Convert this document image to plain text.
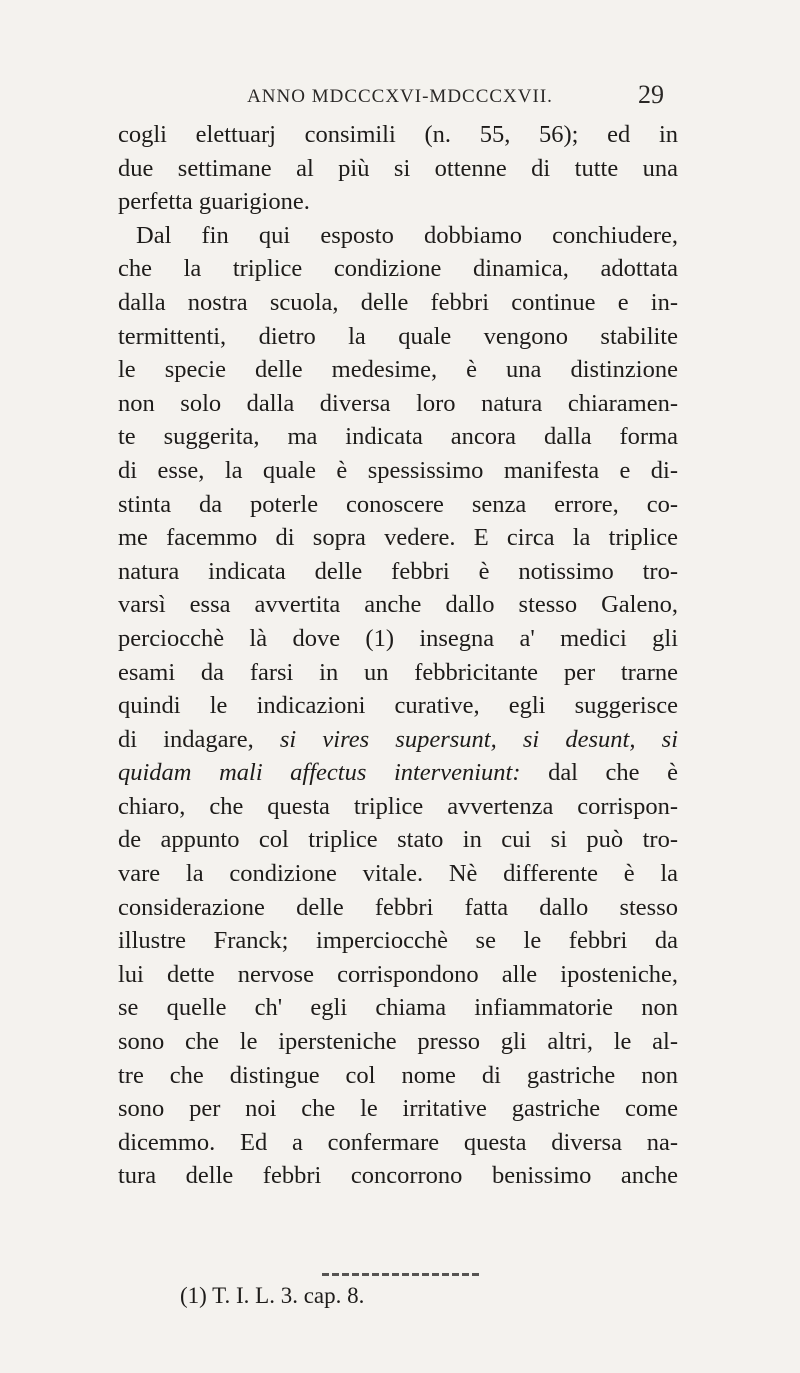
ANNO MDCCCXVI-MDCCCXVII.	29
cogli elettuarj consimili (n. 55, 56); ed in
due settimane al più si ottenne di tutte una
perfetta guarigione.
Dal fin qui esposto dobbiamo conchiudere,
che la triplice condizione dinamica, adottata
dalla nostra scuola, delle febbri continue e in-
termittenti, dietro la quale vengono stabilite
le specie delle medesime, è una distinzione
non solo dalla diversa loro natura chiaramen-
te suggerita, ma indicata ancora dalla forma
di esse, la quale è spessissimo manifesta e di-
stinta da poterle conoscere senza errore, co-
me facemmo di sopra vedere. E circa la triplice
natura indicata delle febbri è notissimo tro-
varsì essa avvertita anche dallo stesso Galeno,
perciocchè là dove (1) insegna a' medici gli
esami da farsi in un febbricitante per trarne
quindi le indicazioni curative, egli suggerisce
di indagare, si vires supersunt, si desunt, si
quidam mali affectus interveniunt: dal che è
chiaro, che questa triplice avvertenza corrispon-
de appunto col triplice stato in cui si può tro-
vare la condizione vitale. Nè differente è la
considerazione delle febbri fatta dallo stesso
illustre Franck; imperciocchè se le febbri da
lui dette nervose corrispondono alle iposteniche,
se quelle ch' egli chiama infiammatorie non
sono che le ipersteniche presso gli altri, le al-
tre che distingue col nome di gastriche non
sono per noi che le irritative gastriche come
dicemmo. Ed a confermare questa diversa na-
tura delle febbri concorrono benissimo anche
(1) T. I. L. 3. cap. 8.
